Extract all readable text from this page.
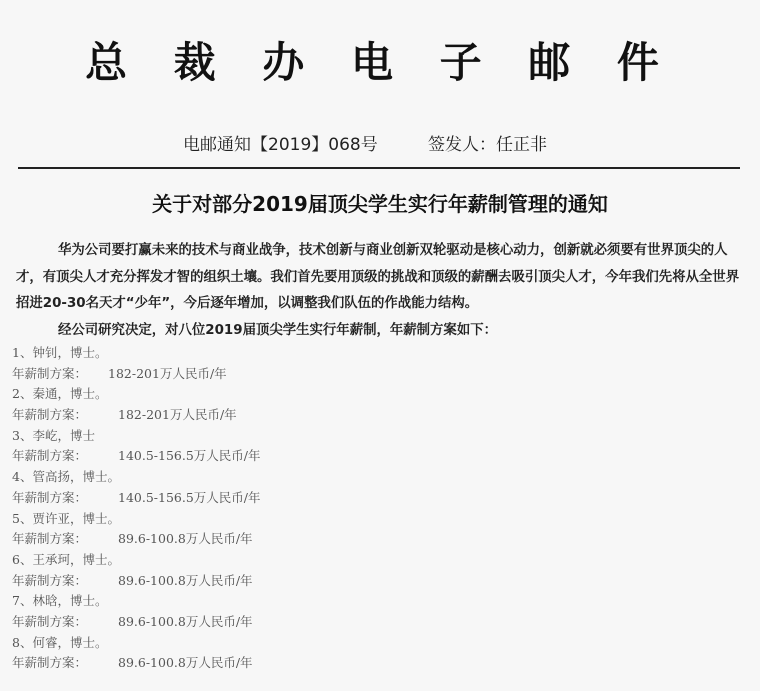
总 裁 办 电 子 邮 件
电邮通知【2019】068号	签发人：任正非
关于对部分2019届顶尖学生实行年薪制管理的通知

华为公司要打赢未来的技术与商业战争，技术创新与商业创新双轮驱动是核心动力，创新就必须要有世界顶尖的人才，有顶尖人才充分挥发才智的组织土壤。我们首先要用顶级的挑战和顶级的薪酬去吸引顶尖人才，今年我们先将从全世界招进20-30名天才“少年”，今后逐年增加，以调整我们队伍的作战能力结构。

经公司研究决定，对八位2019届顶尖学生实行年薪制，年薪制方案如下：

1、钟钊，博士。
年薪制方案：	182-201万人民币/年
2、秦通，博士。
年薪制方案：	182-201万人民币/年
3、李屹，博士
年薪制方案：	140.5-156.5万人民币/年
4、管高扬，博士。
年薪制方案：	140.5-156.5万人民币/年
5、贾许亚，博士。
年薪制方案：	89.6-100.8万人民币/年
6、王承珂，博士。
年薪制方案：	89.6-100.8万人民币/年
7、林晗，博士。
年薪制方案：	89.6-100.8万人民币/年
8、何睿，博士。
年薪制方案：	89.6-100.8万人民币/年
